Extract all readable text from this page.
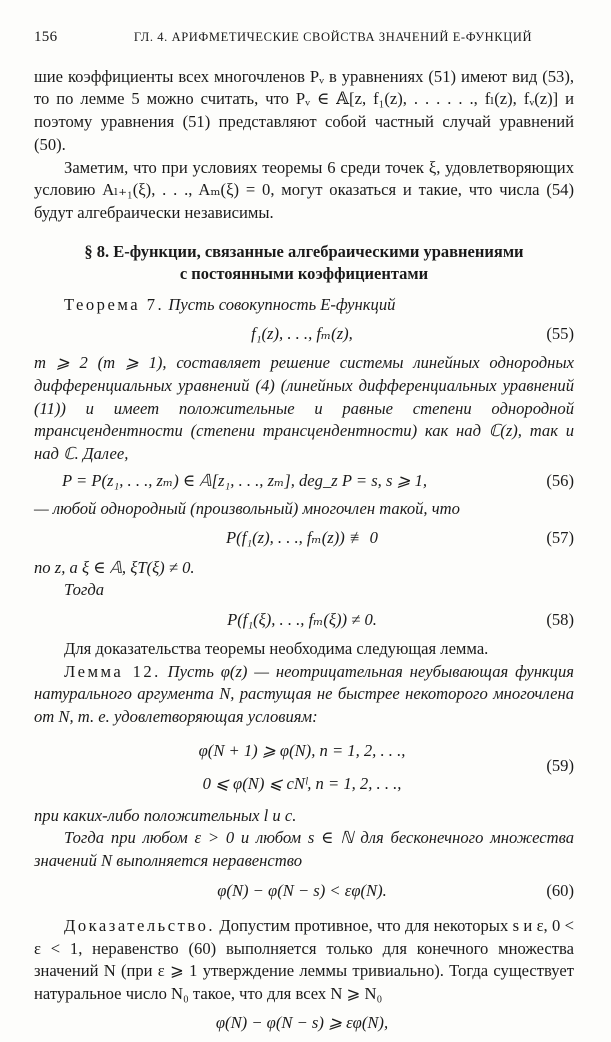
156	ГЛ. 4. АРИФМЕТИЧЕСКИЕ СВОЙСТВА ЗНАЧЕНИЙ E-ФУНКЦИЙ

шие коэффициенты всех многочленов Pᵥ в уравнениях (51) имеют вид (53), то по лемме 5 можно считать, что Pᵥ ∈ 𝔸[z, f₁(z), . . . . . ., fₗ(z), fᵥ(z)] и поэтому уравнения (51) представляют собой частный случай уравнений (50).

Заметим, что при условиях теоремы 6 среди точек ξ, удовлетворяющих условию Aₗ₊₁(ξ), . . ., Aₘ(ξ) = 0, могут оказаться и такие, что числа (54) будут алгебраически независимы.

§ 8. E-функции, связанные алгебраическими уравнениями
с постоянными коэффициентами

Теорема 7. Пусть совокупность E-функций

f₁(z), . . ., fₘ(z),	(55)

m ⩾ 2 (m ⩾ 1), составляет решение системы линейных однородных дифференциальных уравнений (4) (линейных дифференциальных уравнений (11)) и имеет положительные и равные степени однородной трансцендентности (степени трансцендентности) как над ℂ(z), так и над ℂ. Далее,

P = P(z₁, . . ., zₘ) ∈ 𝔸[z₁, . . ., zₘ], deg_z P = s, s ⩾ 1,	(56)

— любой однородный (произвольный) многочлен такой, что

P(f₁(z), . . ., fₘ(z)) ≢ 0	(57)

по z, а ξ ∈ 𝔸, ξT(ξ) ≠ 0.

Тогда

P(f₁(ξ), . . ., fₘ(ξ)) ≠ 0.	(58)

Для доказательства теоремы необходима следующая лемма.

Лемма 12. Пусть φ(z) — неотрицательная неубывающая функция натурального аргумента N, растущая не быстрее некоторого многочлена от N, т. е. удовлетворяющая условиям:

φ(N + 1) ⩾ φ(N), n = 1, 2, . . .,
0 ⩽ φ(N) ⩽ cNˡ, n = 1, 2, . . .,
(59)

при каких-либо положительных l и c.

Тогда при любом ε > 0 и любом s ∈ ℕ для бесконечного множества значений N выполняется неравенство

φ(N) − φ(N − s) < εφ(N).	(60)

Доказательство. Допустим противное, что для некоторых s и ε, 0 < ε < 1, неравенство (60) выполняется только для конечного множества значений N (при ε ⩾ 1 утверждение леммы тривиально). Тогда существует натуральное число N₀ такое, что для всех N ⩾ N₀

φ(N) − φ(N − s) ⩾ εφ(N),
